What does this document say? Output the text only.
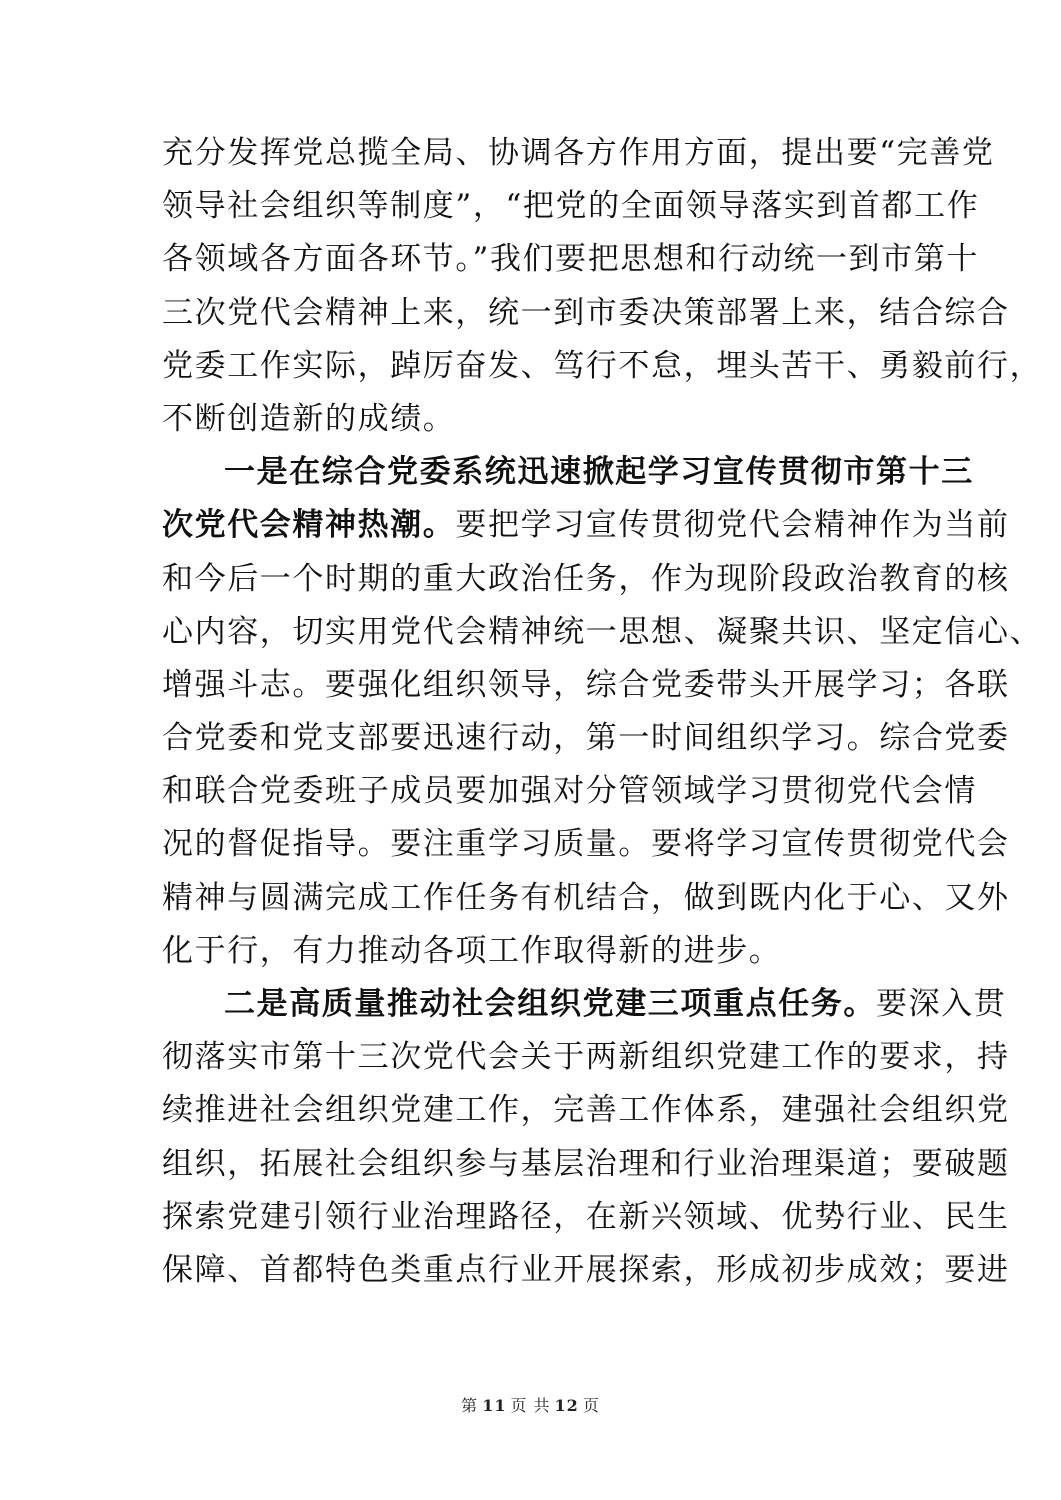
充分发挥党总揽全局、协调各方作用方面，提出要“完善党
领导社会组织等制度”，“把党的全面领导落实到首都工作
各领域各方面各环节。”我们要把思想和行动统一到市第十
三次党代会精神上来，统一到市委决策部署上来，结合综合
党委工作实际，踔厉奋发、笃行不怠，埋头苦干、勇毅前行，
不断创造新的成绩。
一是在综合党委系统迅速掀起学习宣传贯彻市第十三
次党代会精神热潮。要把学习宣传贯彻党代会精神作为当前
和今后一个时期的重大政治任务，作为现阶段政治教育的核
心内容，切实用党代会精神统一思想、凝聚共识、坚定信心、
增强斗志。要强化组织领导，综合党委带头开展学习；各联
合党委和党支部要迅速行动，第一时间组织学习。综合党委
和联合党委班子成员要加强对分管领域学习贯彻党代会情
况的督促指导。要注重学习质量。要将学习宣传贯彻党代会
精神与圆满完成工作任务有机结合，做到既内化于心、又外
化于行，有力推动各项工作取得新的进步。
二是高质量推动社会组织党建三项重点任务。要深入贯
彻落实市第十三次党代会关于两新组织党建工作的要求，持
续推进社会组织党建工作，完善工作体系，建强社会组织党
组织，拓展社会组织参与基层治理和行业治理渠道；要破题
探索党建引领行业治理路径，在新兴领域、优势行业、民生
保障、首都特色类重点行业开展探索，形成初步成效；要进
第 11 页 共 12 页
